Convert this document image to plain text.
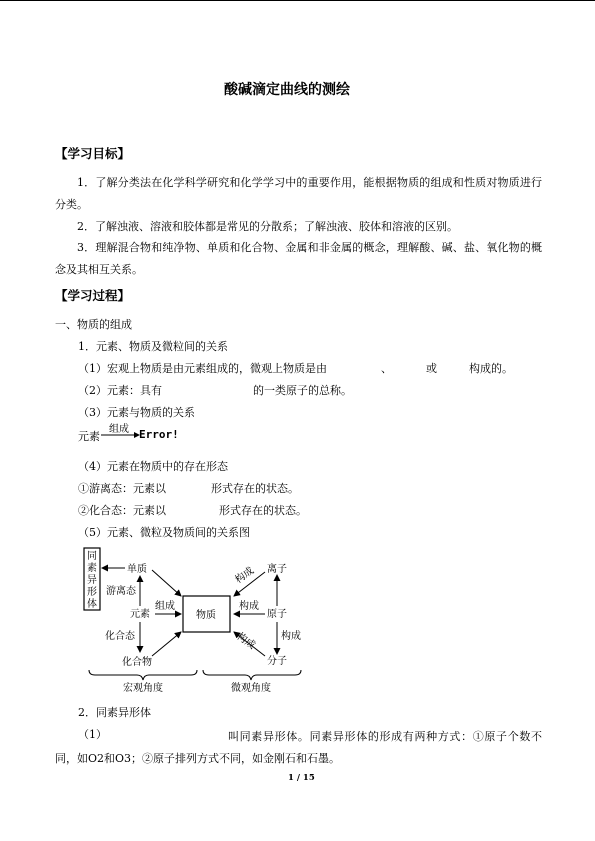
酸碱滴定曲线的测绘
【学习目标】
1．了解分类法在化学科学研究和化学学习中的重要作用，能根据物质的组成和性质对物质进行分类。
2．了解浊液、溶液和胶体都是常见的分散系；了解浊液、胶体和溶液的区别。
3．理解混合物和纯净物、单质和化合物、金属和非金属的概念，理解酸、碱、盐、氧化物的概念及其相互关系。
【学习过程】
一、物质的组成
1．元素、物质及微粒间的关系
（1）宏观上物质是由元素组成的，微观上物质是由	、	或	构成的。
（2）元素：具有	的一类原子的总称。
（3）元素与物质的关系
元素
组成 Error!
（4）元素在物质中的存在形态
①游离态：元素以	形式存在的状态。
②化合态：元素以	形式存在的状态。
（5）元素、微粒及物质间的关系图
同
素
异
形
体
单质
元素
化合物
游离态
化合态
组成
物质
离子
原子
分子
构成
构成
构成 构成
宏观角度	微观角度
2．同素异形体
（1）	叫同素异形体。同素异形体的形成有两种方式：①原子个数不同，如O2和O3；②原子排列方式不同，如金刚石和石墨。
1 / 15
